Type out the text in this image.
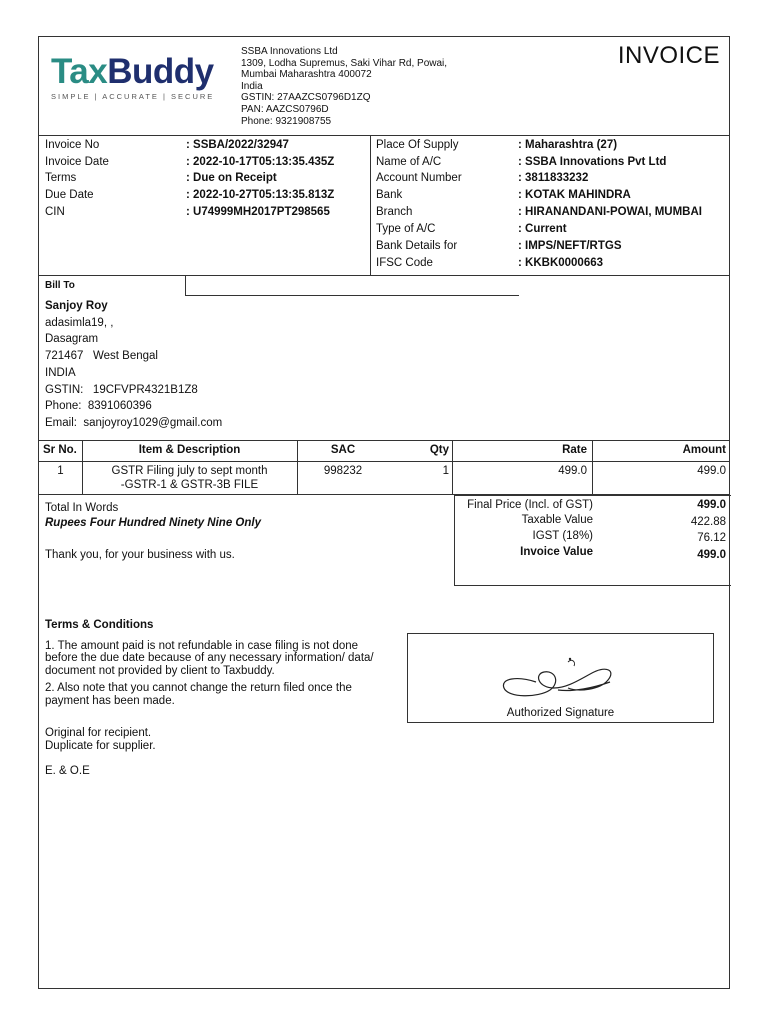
TaxBuddy
SIMPLE | ACCURATE | SECURE
SSBA Innovations Ltd
1309, Lodha Supremus, Saki Vihar Rd, Powai,
Mumbai Maharashtra 400072
India
GSTIN: 27AAZCS0796D1ZQ
PAN: AAZCS0796D
Phone: 9321908755
INVOICE
Invoice No	: SSBA/2022/32947
Invoice Date	: 2022-10-17T05:13:35.435Z
Terms	: Due on Receipt
Due Date	: 2022-10-27T05:13:35.813Z
CIN	: U74999MH2017PT298565
Place Of Supply	: Maharashtra (27)
Name of A/C	: SSBA Innovations Pvt Ltd
Account Number	: 3811833232
Bank	: KOTAK MAHINDRA
Branch	: HIRANANDANI-POWAI, MUMBAI
Type of A/C	: Current
Bank Details for	: IMPS/NEFT/RTGS
IFSC Code	: KKBK0000663
Bill To
Sanjoy Roy
adasimla19, ,
Dasagram
721467   West Bengal
INDIA
GSTIN:   19CFVPR4321B1Z8
Phone:  8391060396
Email:  sanjoyroy1029@gmail.com
Sr No.	Item & Description	SAC	Qty	Rate	Amount
1	GSTR Filing july to sept month
-GSTR-1 & GSTR-3B FILE
998232	1	499.0	499.0
Total In Words
Rupees Four Hundred Ninety Nine Only
Thank you, for your business with us.
Final Price (Incl. of GST)	499.0
Taxable Value	422.88
IGST (18%)	76.12
Invoice Value	499.0

Terms & Conditions

1. The amount paid is not refundable in case filing is not done before the due date because of any necessary information/ data/ document not provided by client to Taxbuddy.

2. Also note that you cannot change the return filed once the payment has been made.

Original for recipient.

Duplicate for supplier.

E. & O.E

Authorized Signature
